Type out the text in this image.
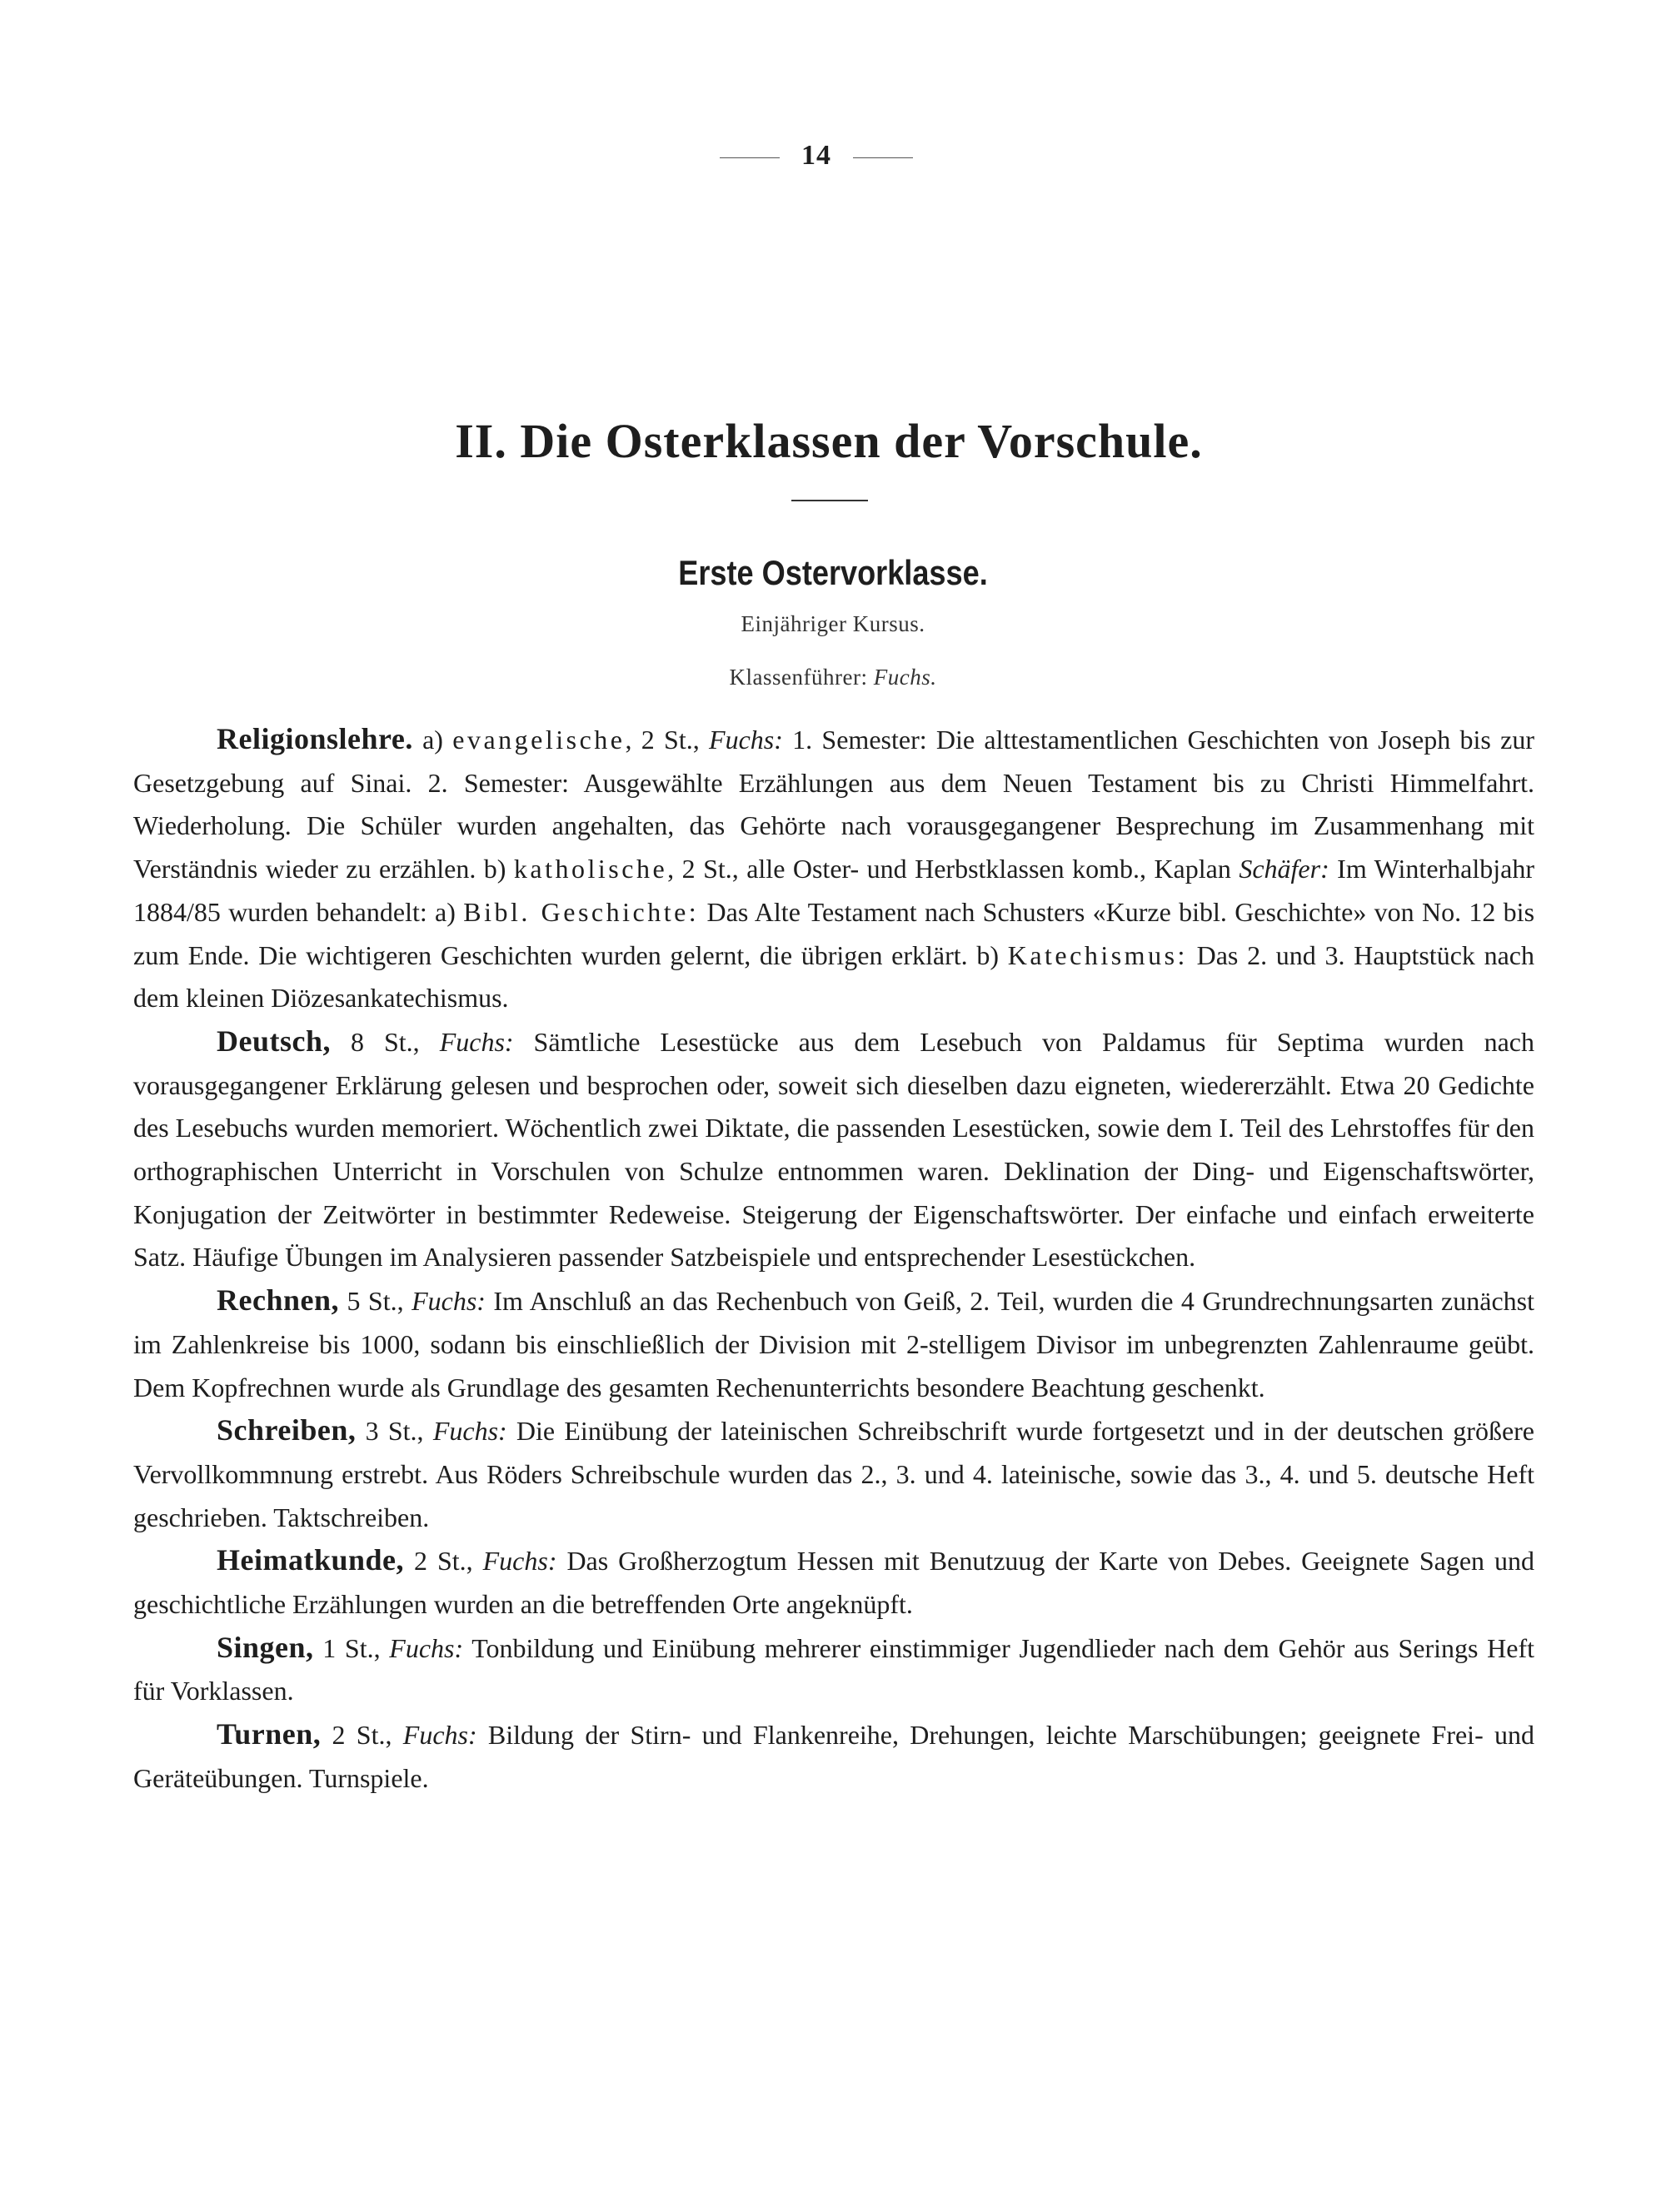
14
II. Die Osterklassen der Vorschule.
Erste Ostervorklasse.
Einjähriger Kursus.
Klassenführer: Fuchs.

Religionslehre. a) evangelische, 2 St., Fuchs: 1. Semester: Die alttestamentlichen Geschichten von Joseph bis zur Gesetzgebung auf Sinai. 2. Semester: Ausgewählte Erzählungen aus dem Neuen Testament bis zu Christi Himmelfahrt. Wiederholung. Die Schüler wurden angehalten, das Gehörte nach vorausgegangener Besprechung im Zusammenhang mit Verständnis wieder zu erzählen. b) katholische, 2 St., alle Oster- und Herbstklassen komb., Kaplan Schäfer: Im Winterhalbjahr 1884/85 wurden behandelt: a) Bibl. Geschichte: Das Alte Testament nach Schusters «Kurze bibl. Geschichte» von No. 12 bis zum Ende. Die wichtigeren Geschichten wurden gelernt, die übrigen erklärt. b) Katechismus: Das 2. und 3. Hauptstück nach dem kleinen Diözesankatechismus.

Deutsch, 8 St., Fuchs: Sämtliche Lesestücke aus dem Lesebuch von Paldamus für Septima wurden nach vorausgegangener Erklärung gelesen und besprochen oder, soweit sich dieselben dazu eigneten, wiedererzählt. Etwa 20 Gedichte des Lesebuchs wurden memoriert. Wöchentlich zwei Diktate, die passenden Lesestücken, sowie dem I. Teil des Lehrstoffes für den orthographischen Unterricht in Vorschulen von Schulze entnommen waren. Deklination der Ding- und Eigenschaftswörter, Konjugation der Zeitwörter in bestimmter Redeweise. Steigerung der Eigenschaftswörter. Der einfache und einfach erweiterte Satz. Häufige Übungen im Analysieren passender Satzbeispiele und entsprechender Lesestückchen.

Rechnen, 5 St., Fuchs: Im Anschluß an das Rechenbuch von Geiß, 2. Teil, wurden die 4 Grundrechnungsarten zunächst im Zahlenkreise bis 1000, sodann bis einschließlich der Division mit 2-stelligem Divisor im unbegrenzten Zahlenraume geübt. Dem Kopfrechnen wurde als Grundlage des gesamten Rechenunterrichts besondere Beachtung geschenkt.

Schreiben, 3 St., Fuchs: Die Einübung der lateinischen Schreibschrift wurde fortgesetzt und in der deutschen größere Vervollkommnung erstrebt. Aus Röders Schreibschule wurden das 2., 3. und 4. lateinische, sowie das 3., 4. und 5. deutsche Heft geschrieben. Taktschreiben.

Heimatkunde, 2 St., Fuchs: Das Großherzogtum Hessen mit Benutzuug der Karte von Debes. Geeignete Sagen und geschichtliche Erzählungen wurden an die betreffenden Orte angeknüpft.

Singen, 1 St., Fuchs: Tonbildung und Einübung mehrerer einstimmiger Jugendlieder nach dem Gehör aus Serings Heft für Vorklassen.

Turnen, 2 St., Fuchs: Bildung der Stirn- und Flankenreihe, Drehungen, leichte Marschübungen; geeignete Frei- und Geräteübungen. Turnspiele.
